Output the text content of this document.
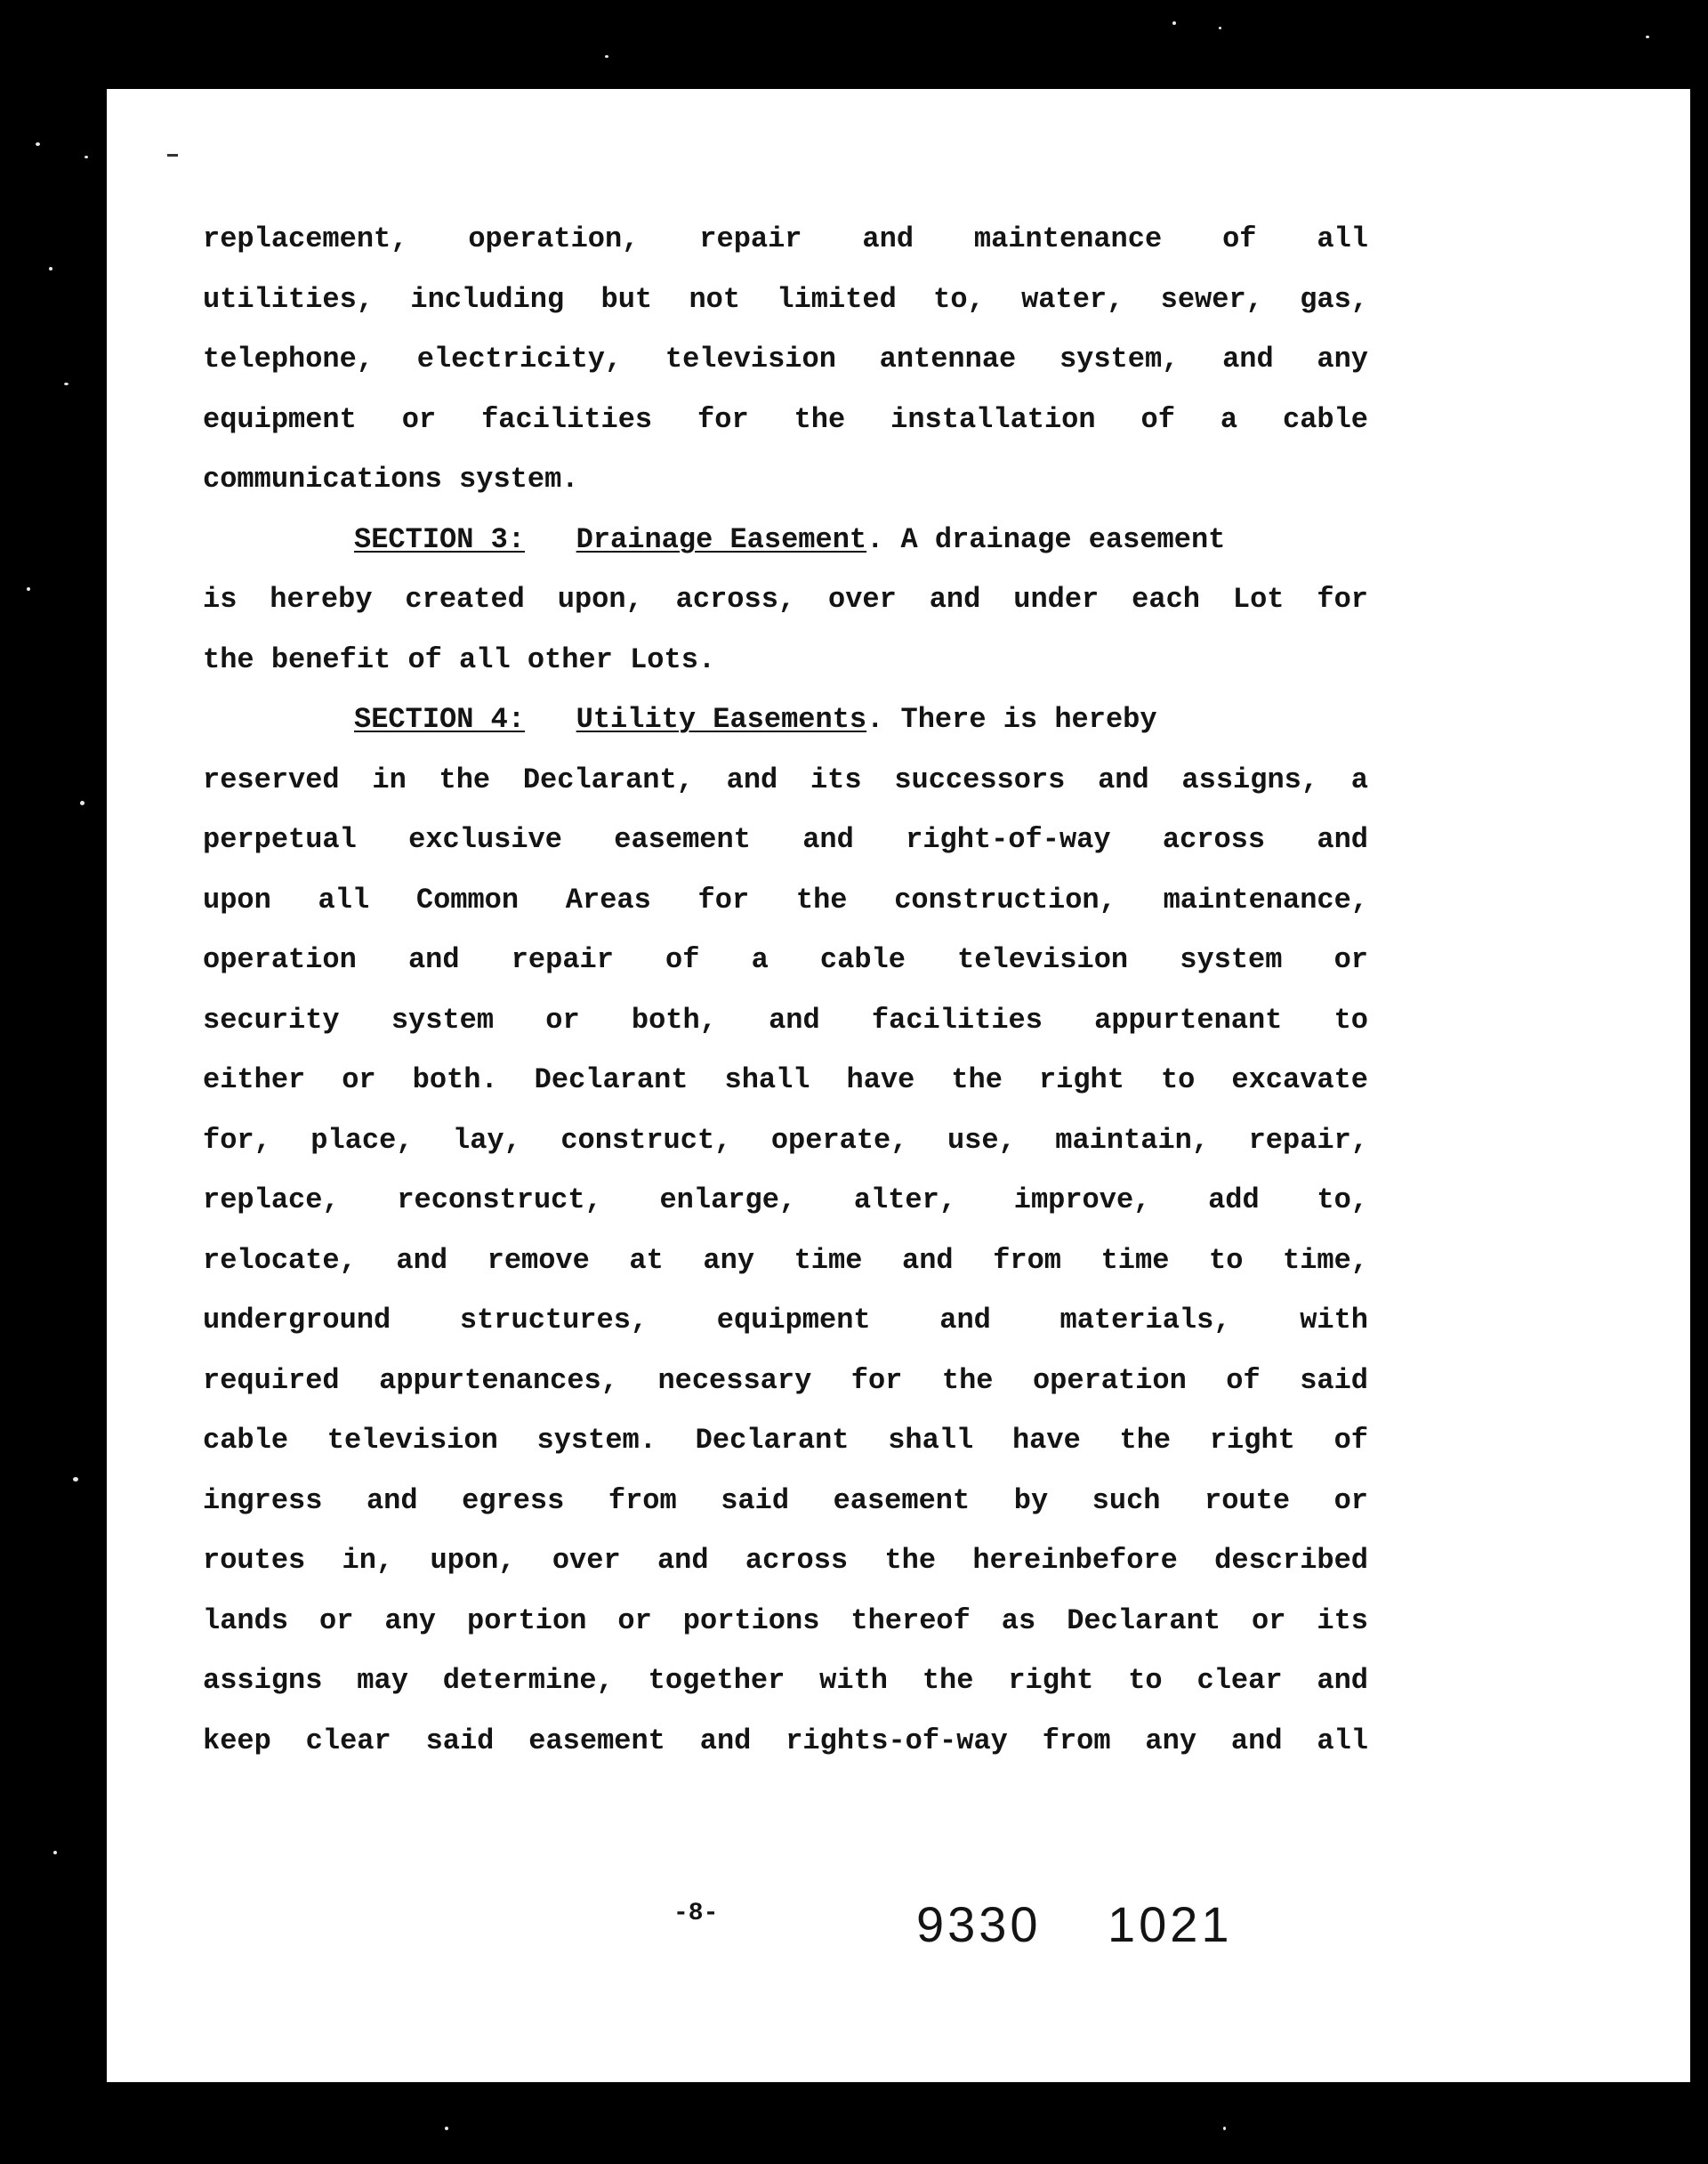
replacement, operation, repair and maintenance of all
utilities, including but not limited to, water, sewer, gas,
telephone, electricity, television antennae system, and any
equipment or facilities for the installation of a cable
communications system.
SECTION 3: Drainage Easement. A drainage easement
is hereby created upon, across, over and under each Lot for
the benefit of all other Lots.
SECTION 4: Utility Easements. There is hereby
reserved in the Declarant, and its successors and assigns, a
perpetual exclusive easement and right-of-way across and
upon all Common Areas for the construction, maintenance,
operation and repair of a cable television system or
security system or both, and facilities appurtenant to
either or both. Declarant shall have the right to excavate
for, place, lay, construct, operate, use, maintain, repair,
replace, reconstruct, enlarge, alter, improve, add to,
relocate, and remove at any time and from time to time,
underground structures, equipment and materials, with
required appurtenances, necessary for the operation of said
cable television system. Declarant shall have the right of
ingress and egress from said easement by such route or
routes in, upon, over and across the hereinbefore described
lands or any portion or portions thereof as Declarant or its
assigns may determine, together with the right to clear and
keep clear said easement and rights-of-way from any and all
-8-	9330 1021
